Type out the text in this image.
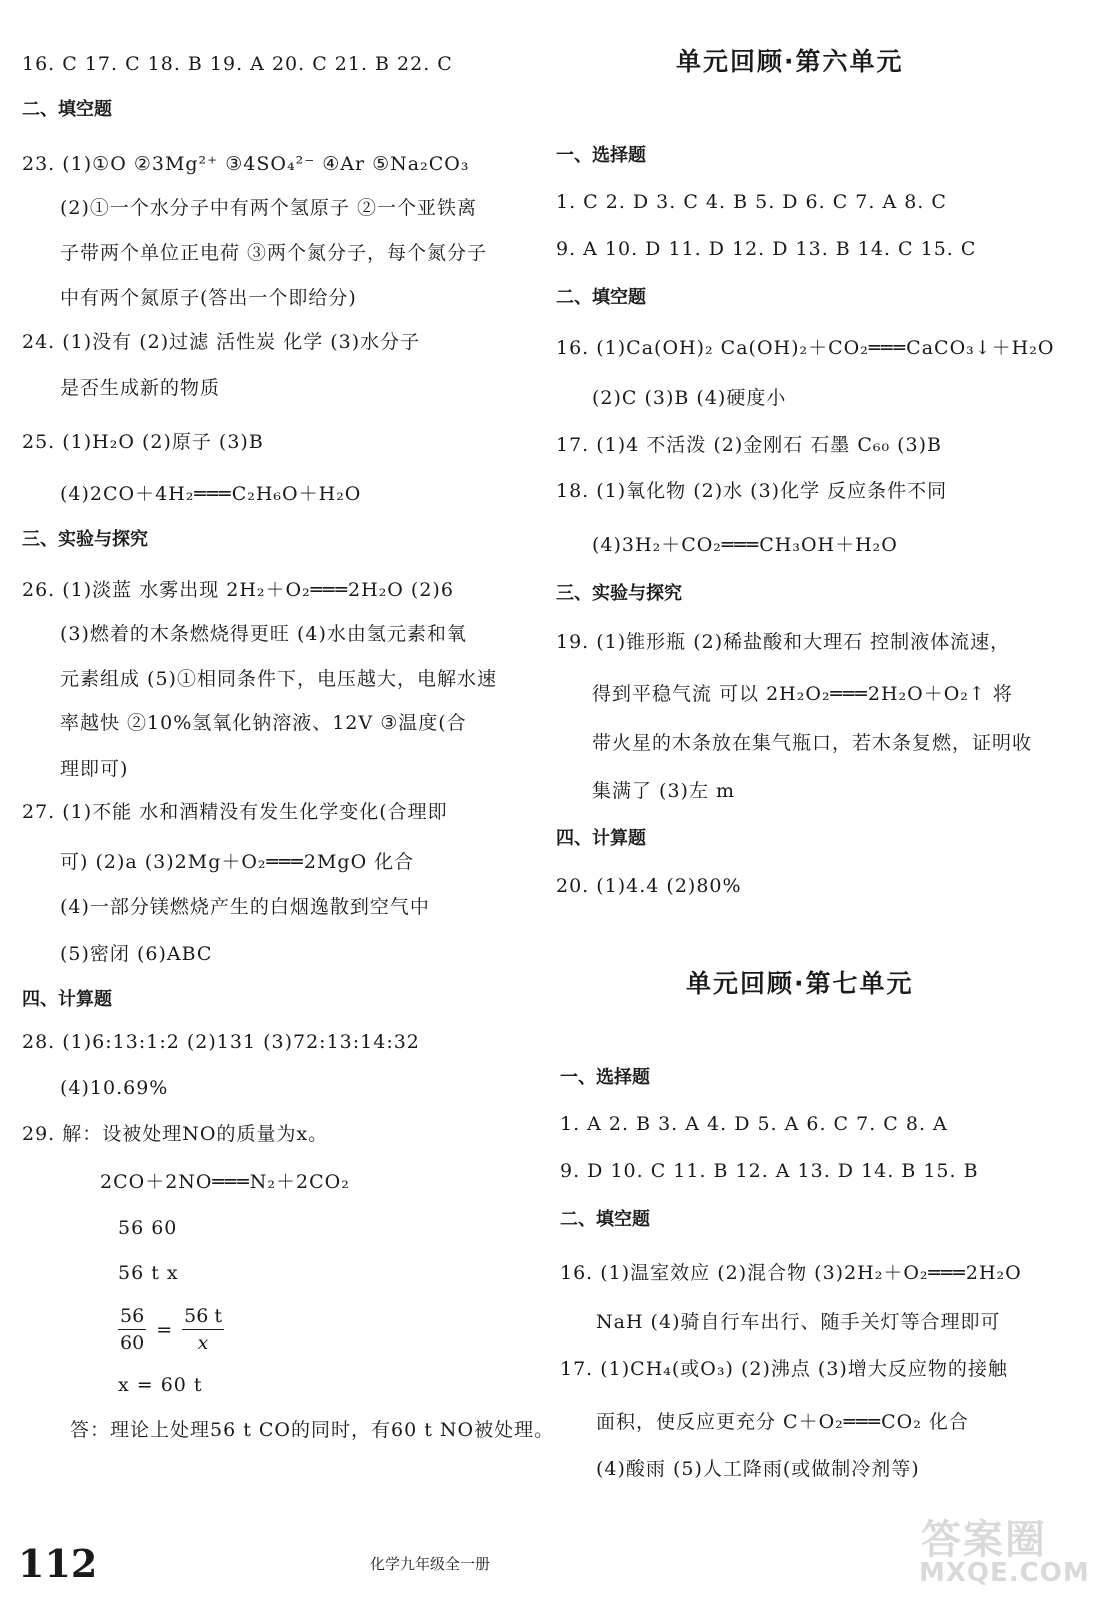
16. C 17. C 18. B 19. A 20. C 21. B 22. C
二、填空题
23. (1)①O ②3Mg²⁺ ③4SO₄²⁻ ④Ar ⑤Na₂CO₃
(2)①一个水分子中有两个氢原子 ②一个亚铁离
子带两个单位正电荷 ③两个氮分子，每个氮分子
中有两个氮原子(答出一个即给分)
24. (1)没有 (2)过滤 活性炭 化学 (3)水分子
是否生成新的物质
25. (1)H₂O (2)原子 (3)B
(4)2CO＋4H₂═══C₂H₆O＋H₂O
三、实验与探究
26. (1)淡蓝 水雾出现 2H₂＋O₂═══2H₂O (2)6
(3)燃着的木条燃烧得更旺 (4)水由氢元素和氧
元素组成 (5)①相同条件下，电压越大，电解水速
率越快 ②10%氢氧化钠溶液、12V ③温度(合
理即可)
27. (1)不能 水和酒精没有发生化学变化(合理即
可) (2)a (3)2Mg＋O₂═══2MgO 化合
(4)一部分镁燃烧产生的白烟逸散到空气中
(5)密闭 (6)ABC
四、计算题
28. (1)6:13:1:2 (2)131 (3)72:13:14:32
(4)10.69%
29. 解：设被处理NO的质量为x。
2CO＋2NO═══N₂＋2CO₂
56 60
56 t x
$\frac{56}{60} = \frac{56 t}{x}$
x = 60 t
答：理论上处理56 t CO的同时，有60 t NO被处理。
单元回顾·第六单元
一、选择题
1. C 2. D 3. C 4. B 5. D 6. C 7. A 8. C
9. A 10. D 11. D 12. D 13. B 14. C 15. C
二、填空题
16. (1)Ca(OH)₂ Ca(OH)₂＋CO₂═══CaCO₃↓＋H₂O
(2)C (3)B (4)硬度小
17. (1)4 不活泼 (2)金刚石 石墨 C₆₀ (3)B
18. (1)氧化物 (2)水 (3)化学 反应条件不同
(4)3H₂＋CO₂═══CH₃OH＋H₂O
三、实验与探究
19. (1)锥形瓶 (2)稀盐酸和大理石 控制液体流速，
得到平稳气流 可以 2H₂O₂═══2H₂O＋O₂↑ 将
带火星的木条放在集气瓶口，若木条复燃，证明收
集满了 (3)左 m
四、计算题
20. (1)4.4 (2)80%
单元回顾·第七单元
一、选择题
1. A 2. B 3. A 4. D 5. A 6. C 7. C 8. A
9. D 10. C 11. B 12. A 13. D 14. B 15. B
二、填空题
16. (1)温室效应 (2)混合物 (3)2H₂＋O₂═══2H₂O
NaH (4)骑自行车出行、随手关灯等合理即可
17. (1)CH₄(或O₃) (2)沸点 (3)增大反应物的接触
面积，使反应更充分 C＋O₂═══CO₂ 化合
(4)酸雨 (5)人工降雨(或做制冷剂等)
112	化学九年级全一册
答案圈
MXQE.COM
